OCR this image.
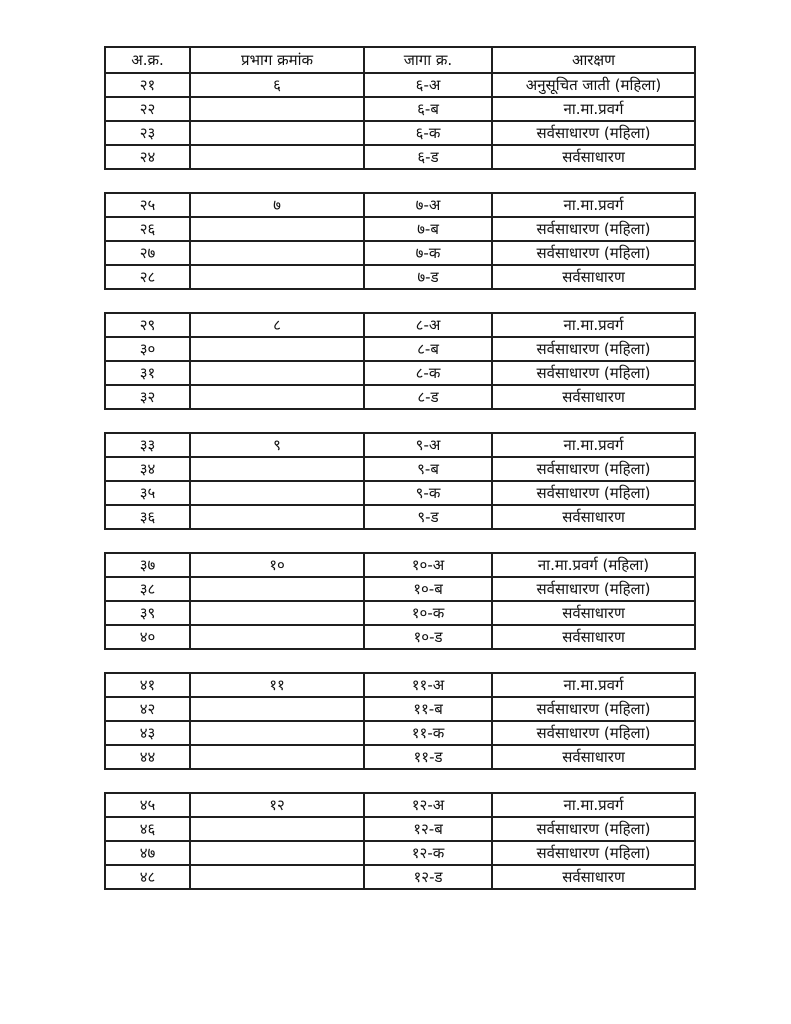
अ.क्र.	प्रभाग क्रमांक	जागा क्र.	आरक्षण
२१	६	६-अ	अनुसूचित जाती (महिला)
२२		६-ब	ना.मा.प्रवर्ग
२३		६-क	सर्वसाधारण (महिला)
२४		६-ड	सर्वसाधारण
२५	७	७-अ	ना.मा.प्रवर्ग
२६		७-ब	सर्वसाधारण (महिला)
२७		७-क	सर्वसाधारण (महिला)
२८		७-ड	सर्वसाधारण
२९	८	८-अ	ना.मा.प्रवर्ग
३०		८-ब	सर्वसाधारण (महिला)
३१		८-क	सर्वसाधारण (महिला)
३२		८-ड	सर्वसाधारण
३३	९	९-अ	ना.मा.प्रवर्ग
३४		९-ब	सर्वसाधारण (महिला)
३५		९-क	सर्वसाधारण (महिला)
३६		९-ड	सर्वसाधारण
३७	१०	१०-अ	ना.मा.प्रवर्ग (महिला)
३८		१०-ब	सर्वसाधारण (महिला)
३९		१०-क	सर्वसाधारण
४०		१०-ड	सर्वसाधारण
४१	११	११-अ	ना.मा.प्रवर्ग
४२		११-ब	सर्वसाधारण (महिला)
४३		११-क	सर्वसाधारण (महिला)
४४		११-ड	सर्वसाधारण
४५	१२	१२-अ	ना.मा.प्रवर्ग
४६		१२-ब	सर्वसाधारण (महिला)
४७		१२-क	सर्वसाधारण (महिला)
४८		१२-ड	सर्वसाधारण
